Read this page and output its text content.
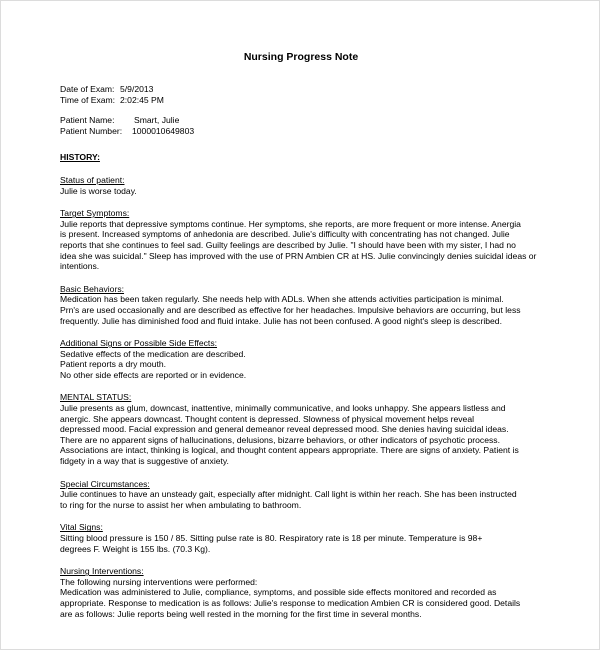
Nursing Progress Note
Date of Exam: 5/9/2013
Time of Exam: 2:02:45 PM
Patient Name:	Smart, Julie
Patient Number:	1000010649803
HISTORY:
Status of patient:
Julie is worse today.
Target Symptoms:
Julie reports that depressive symptoms continue. Her symptoms, she reports, are more frequent or more intense. Anergia
is present. Increased symptoms of anhedonia are described. Julie's difficulty with concentrating has not changed. Julie
reports that she continues to feel sad. Guilty feelings are described by Julie. "I should have been with my sister, I had no
idea she was suicidal." Sleep has improved with the use of PRN Ambien CR at HS. Julie convincingly denies suicidal ideas or
intentions.
Basic Behaviors:
Medication has been taken regularly. She needs help with ADLs. When she attends activities participation is minimal.
Prn's are used occasionally and are described as effective for her headaches. Impulsive behaviors are occurring, but less
frequently. Julie has diminished food and fluid intake. Julie has not been confused. A good night's sleep is described.
Additional Signs or Possible Side Effects:
Sedative effects of the medication are described.
Patient reports a dry mouth.
No other side effects are reported or in evidence.
MENTAL STATUS:
Julie presents as glum, downcast, inattentive, minimally communicative, and looks unhappy. She appears listless and
anergic. She appears downcast. Thought content is depressed. Slowness of physical movement helps reveal
depressed mood. Facial expression and general demeanor reveal depressed mood. She denies having suicidal ideas.
There are no apparent signs of hallucinations, delusions, bizarre behaviors, or other indicators of psychotic process.
Associations are intact, thinking is logical, and thought content appears appropriate. There are signs of anxiety. Patient is
fidgety in a way that is suggestive of anxiety.
Special Circumstances:
Julie continues to have an unsteady gait, especially after midnight. Call light is within her reach. She has been instructed
to ring for the nurse to assist her when ambulating to bathroom.
Vital Signs:
Sitting blood pressure is 150 / 85. Sitting pulse rate is 80. Respiratory rate is 18 per minute. Temperature is 98+
degrees F. Weight is 155 lbs. (70.3 Kg).
Nursing Interventions:
The following nursing interventions were performed:
Medication was administered to Julie, compliance, symptoms, and possible side effects monitored and recorded as
appropriate. Response to medication is as follows: Julie's response to medication Ambien CR is considered good. Details
are as follows: Julie reports being well rested in the morning for the first time in several months.
